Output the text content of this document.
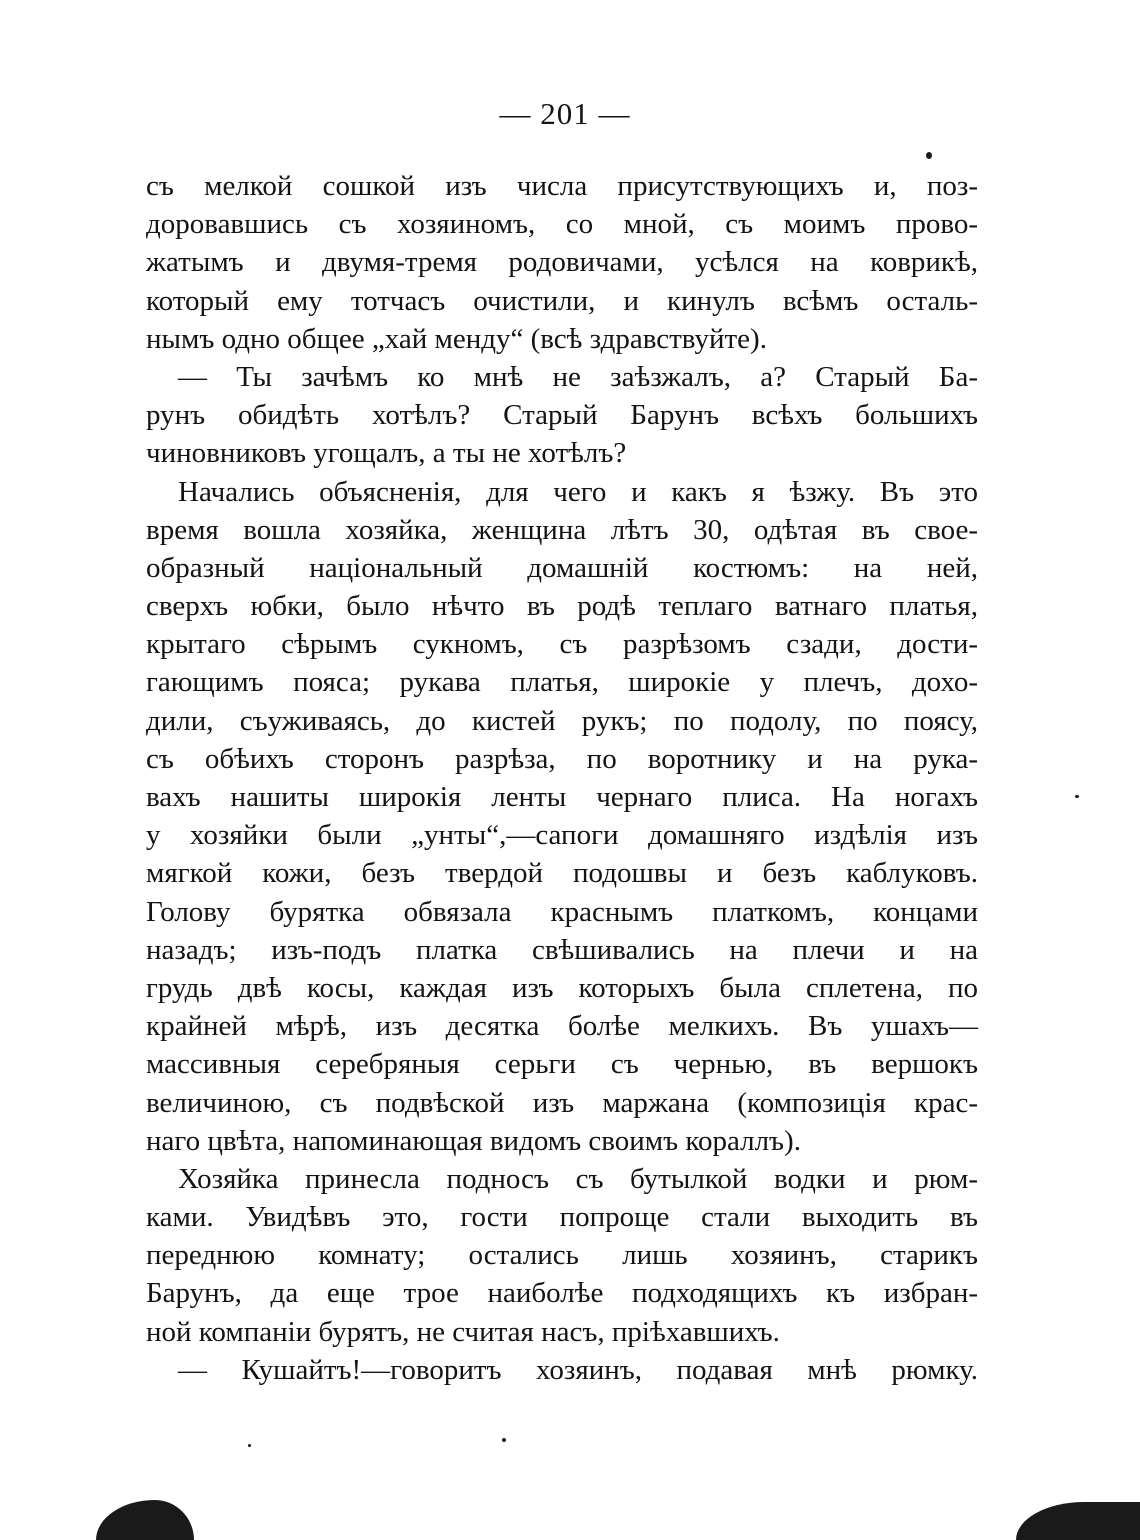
— 201 —
съ мелкой сошкой изъ числа присутствующихъ и, поз-
доровавшись съ хозяиномъ, со мной, съ моимъ прово-
жатымъ и двумя-тремя родовичами, усѣлся на коврикѣ,
который ему тотчасъ очистили, и кинулъ всѣмъ осталь-
нымъ одно общее „хай менду“ (всѣ здравствуйте).
— Ты зачѣмъ ко мнѣ не заѣзжалъ, а? Старый Ба-
рунъ обидѣть хотѣлъ? Старый Барунъ всѣхъ большихъ
чиновниковъ угощалъ, а ты не хотѣлъ?
Начались объясненія, для чего и какъ я ѣзжу. Въ это
время вошла хозяйка, женщина лѣтъ 30, одѣтая въ свое-
образный національный домашній костюмъ: на ней,
сверхъ юбки, было нѣчто въ родѣ теплаго ватнаго платья,
крытаго сѣрымъ сукномъ, съ разрѣзомъ сзади, дости-
гающимъ пояса; рукава платья, широкіе у плечъ, дохо-
дили, съуживаясь, до кистей рукъ; по подолу, по поясу,
съ обѣихъ сторонъ разрѣза, по воротнику и на рука-
вахъ нашиты широкія ленты чернаго плиса. На ногахъ
у хозяйки были „унты“,—сапоги домашняго издѣлія изъ
мягкой кожи, безъ твердой подошвы и безъ каблуковъ.
Голову бурятка обвязала краснымъ платкомъ, концами
назадъ; изъ-подъ платка свѣшивались на плечи и на
грудь двѣ косы, каждая изъ которыхъ была сплетена, по
крайней мѣрѣ, изъ десятка болѣе мелкихъ. Въ ушахъ—
массивныя серебряныя серьги съ чернью, въ вершокъ
величиною, съ подвѣской изъ маржана (композиція крас-
наго цвѣта, напоминающая видомъ своимъ кораллъ).
Хозяйка принесла подносъ съ бутылкой водки и рюм-
ками. Увидѣвъ это, гости попроще стали выходить въ
переднюю комнату; остались лишь хозяинъ, старикъ
Барунъ, да еще трое наиболѣе подходящихъ къ избран-
ной компаніи бурятъ, не считая насъ, пріѣхавшихъ.
— Кушайтъ!—говоритъ хозяинъ, подавая мнѣ рюмку.
